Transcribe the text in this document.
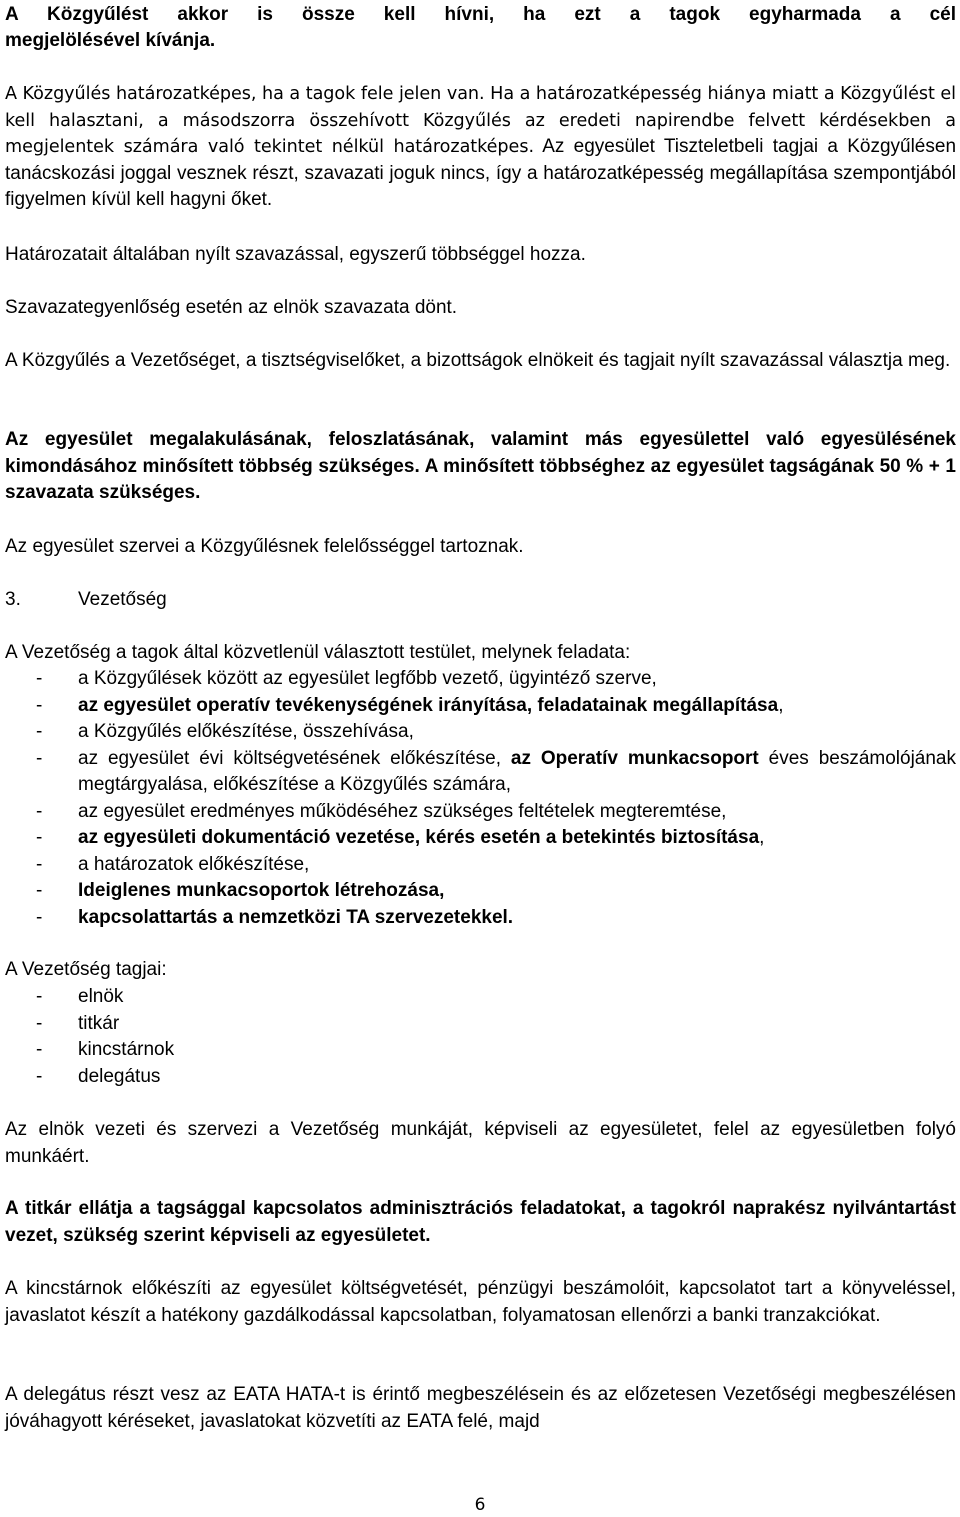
A Közgyűlést akkor is össze kell hívni, ha ezt a tagok egyharmada a cél

megjelölésével kívánja.

A Közgyűlés határozatképes, ha a tagok fele jelen van. Ha a határozatképesség hiánya miatt a Közgyűlést el kell halasztani, a másodszorra összehívott Közgyűlés az eredeti napirendbe felvett kérdésekben a megjelentek számára való tekintet nélkül határozatképes. Az egyesület Tiszteletbeli tagjai a Közgyűlésen tanácskozási joggal vesznek részt, szavazati joguk nincs, így a határozatképesség megállapítása szempontjából figyelmen kívül kell hagyni őket.

Határozatait általában nyílt szavazással, egyszerű többséggel hozza.

Szavazategyenlőség esetén az elnök szavazata dönt.

A Közgyűlés a Vezetőséget, a tisztségviselőket, a bizottságok elnökeit és tagjait nyílt szavazással választja meg.

Az egyesület megalakulásának, feloszlatásának, valamint más egyesülettel való egyesülésének kimondásához minősített többség szükséges. A minősített többséghez az egyesület tagságának 50 % + 1 szavazata szükséges.

Az egyesület szervei a Közgyűlésnek felelősséggel tartoznak.

3.	Vezetőség

A Vezetőség a tagok által közvetlenül választott testület, melynek feladata:

- a Közgyűlések között az egyesület legfőbb vezető, ügyintéző szerve,
- az egyesület operatív tevékenységének irányítása, feladatainak megállapítása,
- a Közgyűlés előkészítése, összehívása,
- az egyesület évi költségvetésének előkészítése, az Operatív munkacsoport éves beszámolójának megtárgyalása, előkészítése a Közgyűlés számára,
- az egyesület eredményes működéséhez szükséges feltételek megteremtése,
- az egyesületi dokumentáció vezetése, kérés esetén a betekintés biztosítása,
- a határozatok előkészítése,
- Ideiglenes munkacsoportok létrehozása,
- kapcsolattartás a nemzetközi TA szervezetekkel.

A Vezetőség tagjai:

- elnök
- titkár
- kincstárnok
- delegátus

Az elnök vezeti és szervezi a Vezetőség munkáját, képviseli az egyesületet, felel az egyesületben folyó munkáért.

A titkár ellátja a tagsággal kapcsolatos adminisztrációs feladatokat, a tagokról naprakész nyilvántartást vezet, szükség szerint képviseli az egyesületet.

A kincstárnok előkészíti az egyesület költségvetését, pénzügyi beszámolóit, kapcsolatot tart a könyveléssel, javaslatot készít a hatékony gazdálkodással kapcsolatban, folyamatosan ellenőrzi a banki tranzakciókat.

A delegátus részt vesz az EATA HATA-t is érintő megbeszélésein és az előzetesen Vezetőségi megbeszélésen jóváhagyott kéréseket, javaslatokat közvetíti az EATA felé, majd

6
